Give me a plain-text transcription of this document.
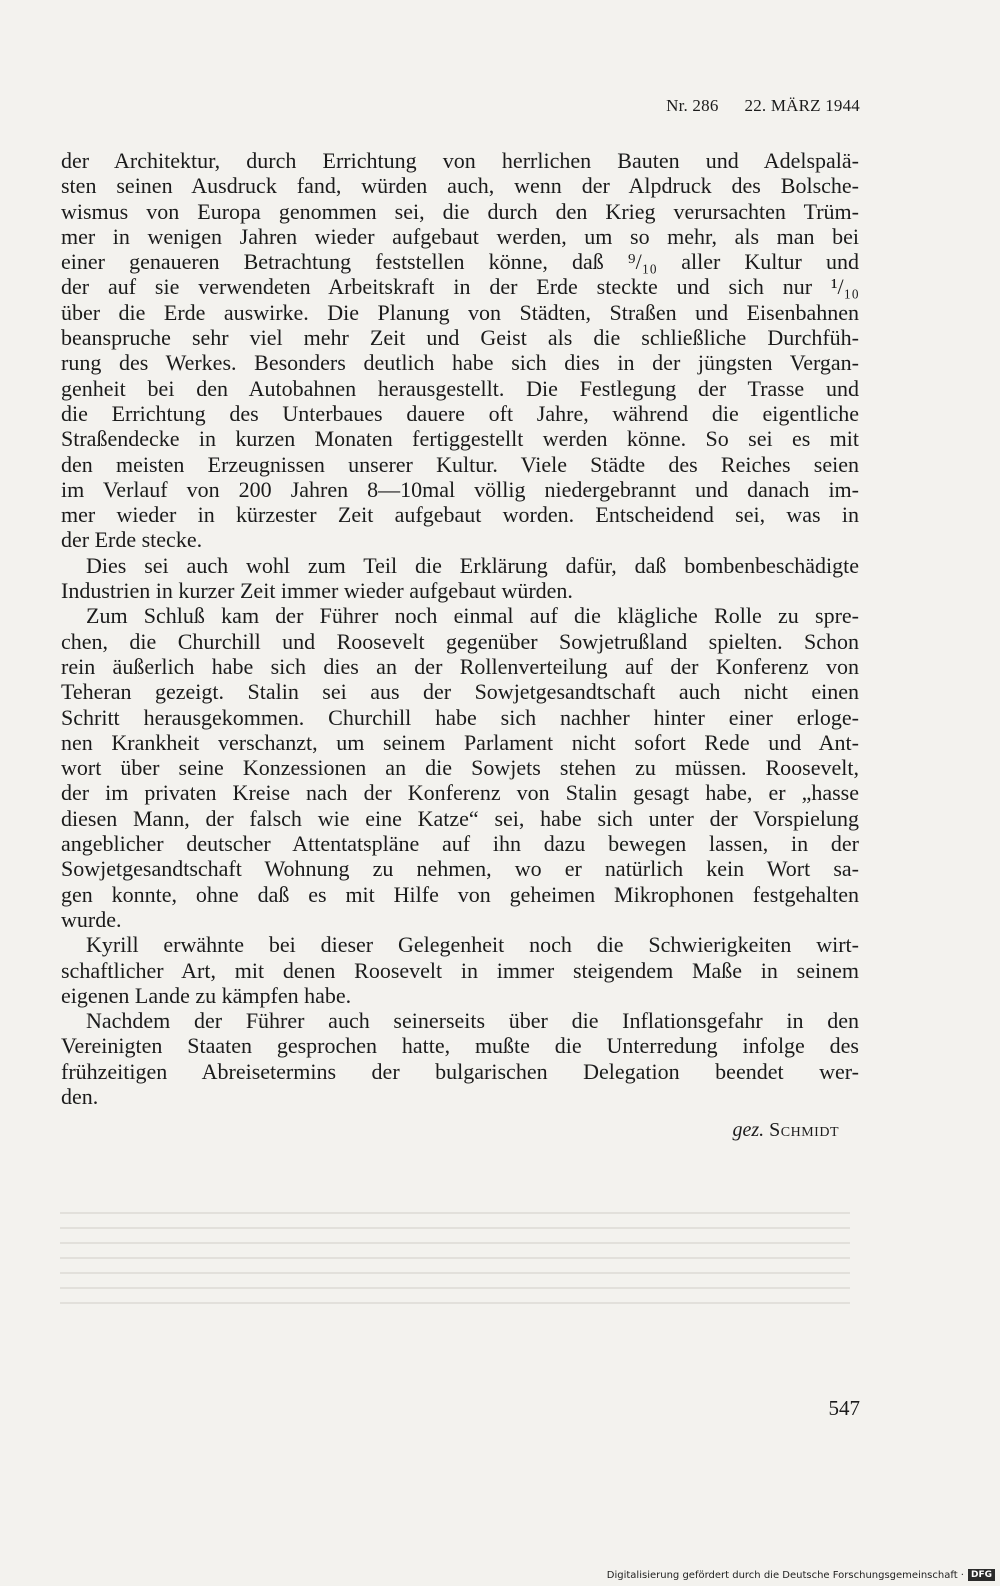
Nr. 286 22. MÄRZ 1944
der Architektur, durch Errichtung von herrlichen Bauten und Adelspalä-
sten seinen Ausdruck fand, würden auch, wenn der Alpdruck des Bolsche-
wismus von Europa genommen sei, die durch den Krieg verursachten Trüm-
mer in wenigen Jahren wieder aufgebaut werden, um so mehr, als man bei
einer genaueren Betrachtung feststellen könne, daß ⁹/₁₀ aller Kultur und
der auf sie verwendeten Arbeitskraft in der Erde steckte und sich nur ¹/₁₀
über die Erde auswirke. Die Planung von Städten, Straßen und Eisenbahnen
beanspruche sehr viel mehr Zeit und Geist als die schließliche Durchfüh-
rung des Werkes. Besonders deutlich habe sich dies in der jüngsten Vergan-
genheit bei den Autobahnen herausgestellt. Die Festlegung der Trasse und
die Errichtung des Unterbaues dauere oft Jahre, während die eigentliche
Straßendecke in kurzen Monaten fertiggestellt werden könne. So sei es mit
den meisten Erzeugnissen unserer Kultur. Viele Städte des Reiches seien
im Verlauf von 200 Jahren 8—10mal völlig niedergebrannt und danach im-
mer wieder in kürzester Zeit aufgebaut worden. Entscheidend sei, was in
der Erde stecke.
Dies sei auch wohl zum Teil die Erklärung dafür, daß bombenbeschädigte
Industrien in kurzer Zeit immer wieder aufgebaut würden.
Zum Schluß kam der Führer noch einmal auf die klägliche Rolle zu spre-
chen, die Churchill und Roosevelt gegenüber Sowjetrußland spielten. Schon
rein äußerlich habe sich dies an der Rollenverteilung auf der Konferenz von
Teheran gezeigt. Stalin sei aus der Sowjetgesandtschaft auch nicht einen
Schritt herausgekommen. Churchill habe sich nachher hinter einer erloge-
nen Krankheit verschanzt, um seinem Parlament nicht sofort Rede und Ant-
wort über seine Konzessionen an die Sowjets stehen zu müssen. Roosevelt,
der im privaten Kreise nach der Konferenz von Stalin gesagt habe, er „hasse
diesen Mann, der falsch wie eine Katze“ sei, habe sich unter der Vorspielung
angeblicher deutscher Attentatspläne auf ihn dazu bewegen lassen, in der
Sowjetgesandtschaft Wohnung zu nehmen, wo er natürlich kein Wort sa-
gen konnte, ohne daß es mit Hilfe von geheimen Mikrophonen festgehalten
wurde.
Kyrill erwähnte bei dieser Gelegenheit noch die Schwierigkeiten wirt-
schaftlicher Art, mit denen Roosevelt in immer steigendem Maße in seinem
eigenen Lande zu kämpfen habe.
Nachdem der Führer auch seinerseits über die Inflationsgefahr in den
Vereinigten Staaten gesprochen hatte, mußte die Unterredung infolge des
frühzeitigen Abreisetermins der bulgarischen Delegation beendet wer-
den.
gez. Schmidt
547
Digitalisierung gefördert durch die Deutsche Forschungsgemeinschaft · DFG
